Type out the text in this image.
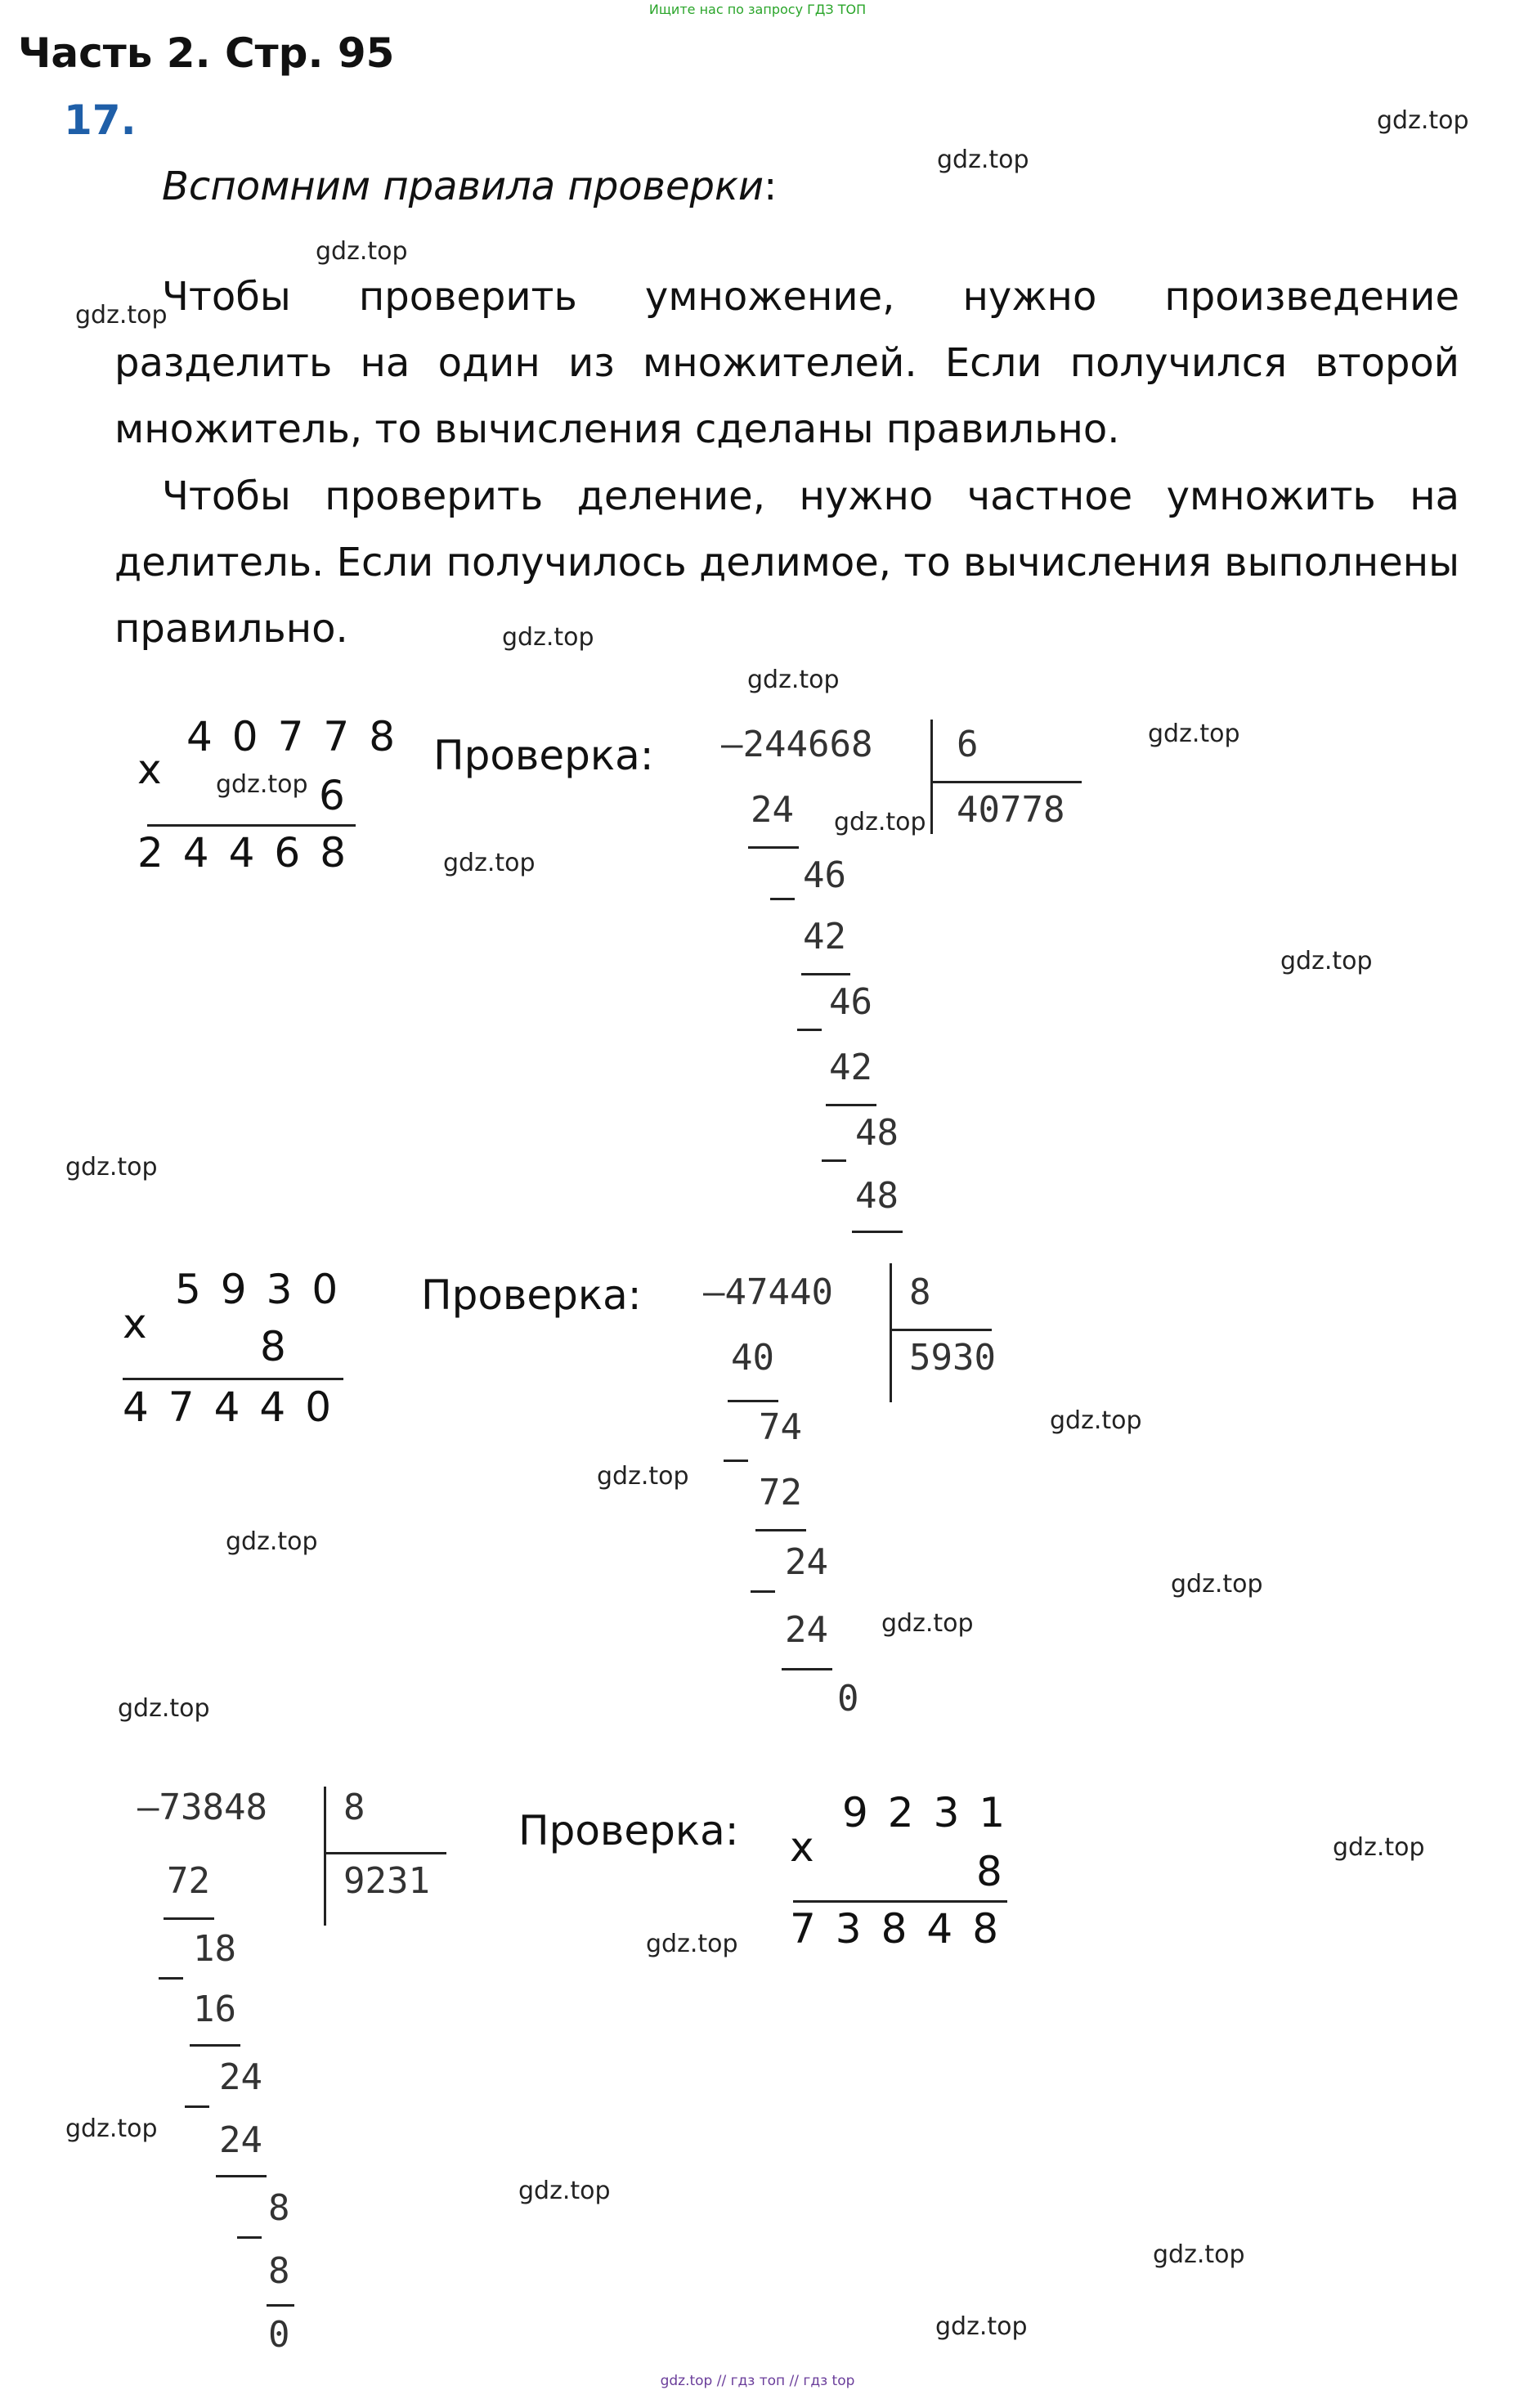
Ищите нас по запросу ГДЗ ТОП
Часть 2. Стр. 95
17.
Вспомним правила проверки:
Чтобы проверить умножение, нужно произведение разделить на один из множителей. Если получился второй множитель, то вычисления сделаны правильно.
Чтобы проверить деление, нужно частное умножить на делитель. Если получилось делимое, то вычисления выполнены правильно.
40778
x
6
24468
Проверка: –244668 6
40778
24
46
42
46
42
48
48
5930
x	8
47440
Проверка: –47440 8
5930
40
74
72
24
24
0
–73848 8
9231
72
18
16
24
24
8
8
0
Проверка:	9231
x
8
73848
gdz.top
gdz.top
gdz.top
gdz.top
gdz.top
gdz.top
gdz.top
gdz.top
gdz.top
gdz.top
gdz.top
gdz.top
gdz.top
gdz.top
gdz.top
gdz.top
gdz.top
gdz.top
gdz.top
gdz.top
gdz.top
gdz.top
gdz.top
gdz.top
gdz.top // гдз топ // гдз top
